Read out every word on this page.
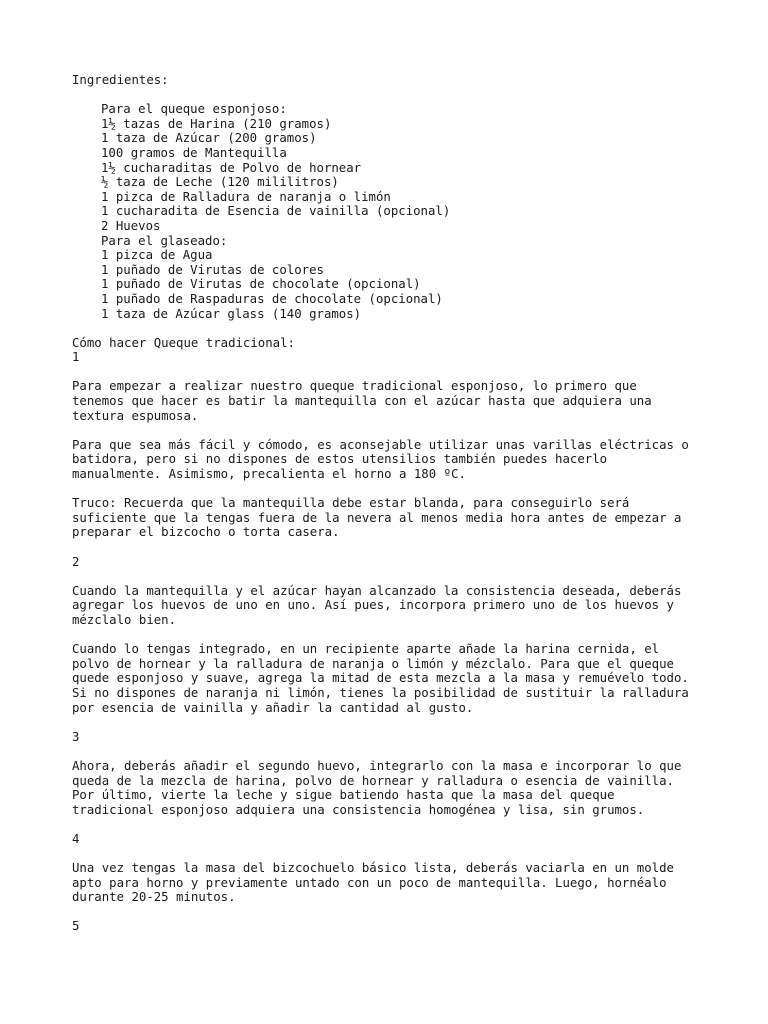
Ingredientes:
Para el queque esponjoso:
1½ tazas de Harina (210 gramos)
1 taza de Azúcar (200 gramos)
100 gramos de Mantequilla
1½ cucharaditas de Polvo de hornear
½ taza de Leche (120 mililitros)
1 pizca de Ralladura de naranja o limón
1 cucharadita de Esencia de vainilla (opcional)
2 Huevos
Para el glaseado:
1 pizca de Agua
1 puñado de Virutas de colores
1 puñado de Virutas de chocolate (opcional)
1 puñado de Raspaduras de chocolate (opcional)
1 taza de Azúcar glass (140 gramos)
Cómo hacer Queque tradicional:
1
Para empezar a realizar nuestro queque tradicional esponjoso, lo primero que
tenemos que hacer es batir la mantequilla con el azúcar hasta que adquiera una
textura espumosa.
Para que sea más fácil y cómodo, es aconsejable utilizar unas varillas eléctricas o
batidora, pero si no dispones de estos utensilios también puedes hacerlo
manualmente. Asimismo, precalienta el horno a 180 ºC.
Truco: Recuerda que la mantequilla debe estar blanda, para conseguirlo será
suficiente que la tengas fuera de la nevera al menos media hora antes de empezar a
preparar el bizcocho o torta casera.
2
Cuando la mantequilla y el azúcar hayan alcanzado la consistencia deseada, deberás
agregar los huevos de uno en uno. Así pues, incorpora primero uno de los huevos y
mézclalo bien.
Cuando lo tengas integrado, en un recipiente aparte añade la harina cernida, el
polvo de hornear y la ralladura de naranja o limón y mézclalo. Para que el queque
quede esponjoso y suave, agrega la mitad de esta mezcla a la masa y remuévelo todo.
Si no dispones de naranja ni limón, tienes la posibilidad de sustituir la ralladura
por esencia de vainilla y añadir la cantidad al gusto.
3
Ahora, deberás añadir el segundo huevo, integrarlo con la masa e incorporar lo que
queda de la mezcla de harina, polvo de hornear y ralladura o esencia de vainilla.
Por último, vierte la leche y sigue batiendo hasta que la masa del queque
tradicional esponjoso adquiera una consistencia homogénea y lisa, sin grumos.
4
Una vez tengas la masa del bizcochuelo básico lista, deberás vaciarla en un molde
apto para horno y previamente untado con un poco de mantequilla. Luego, hornéalo
durante 20-25 minutos.
5
